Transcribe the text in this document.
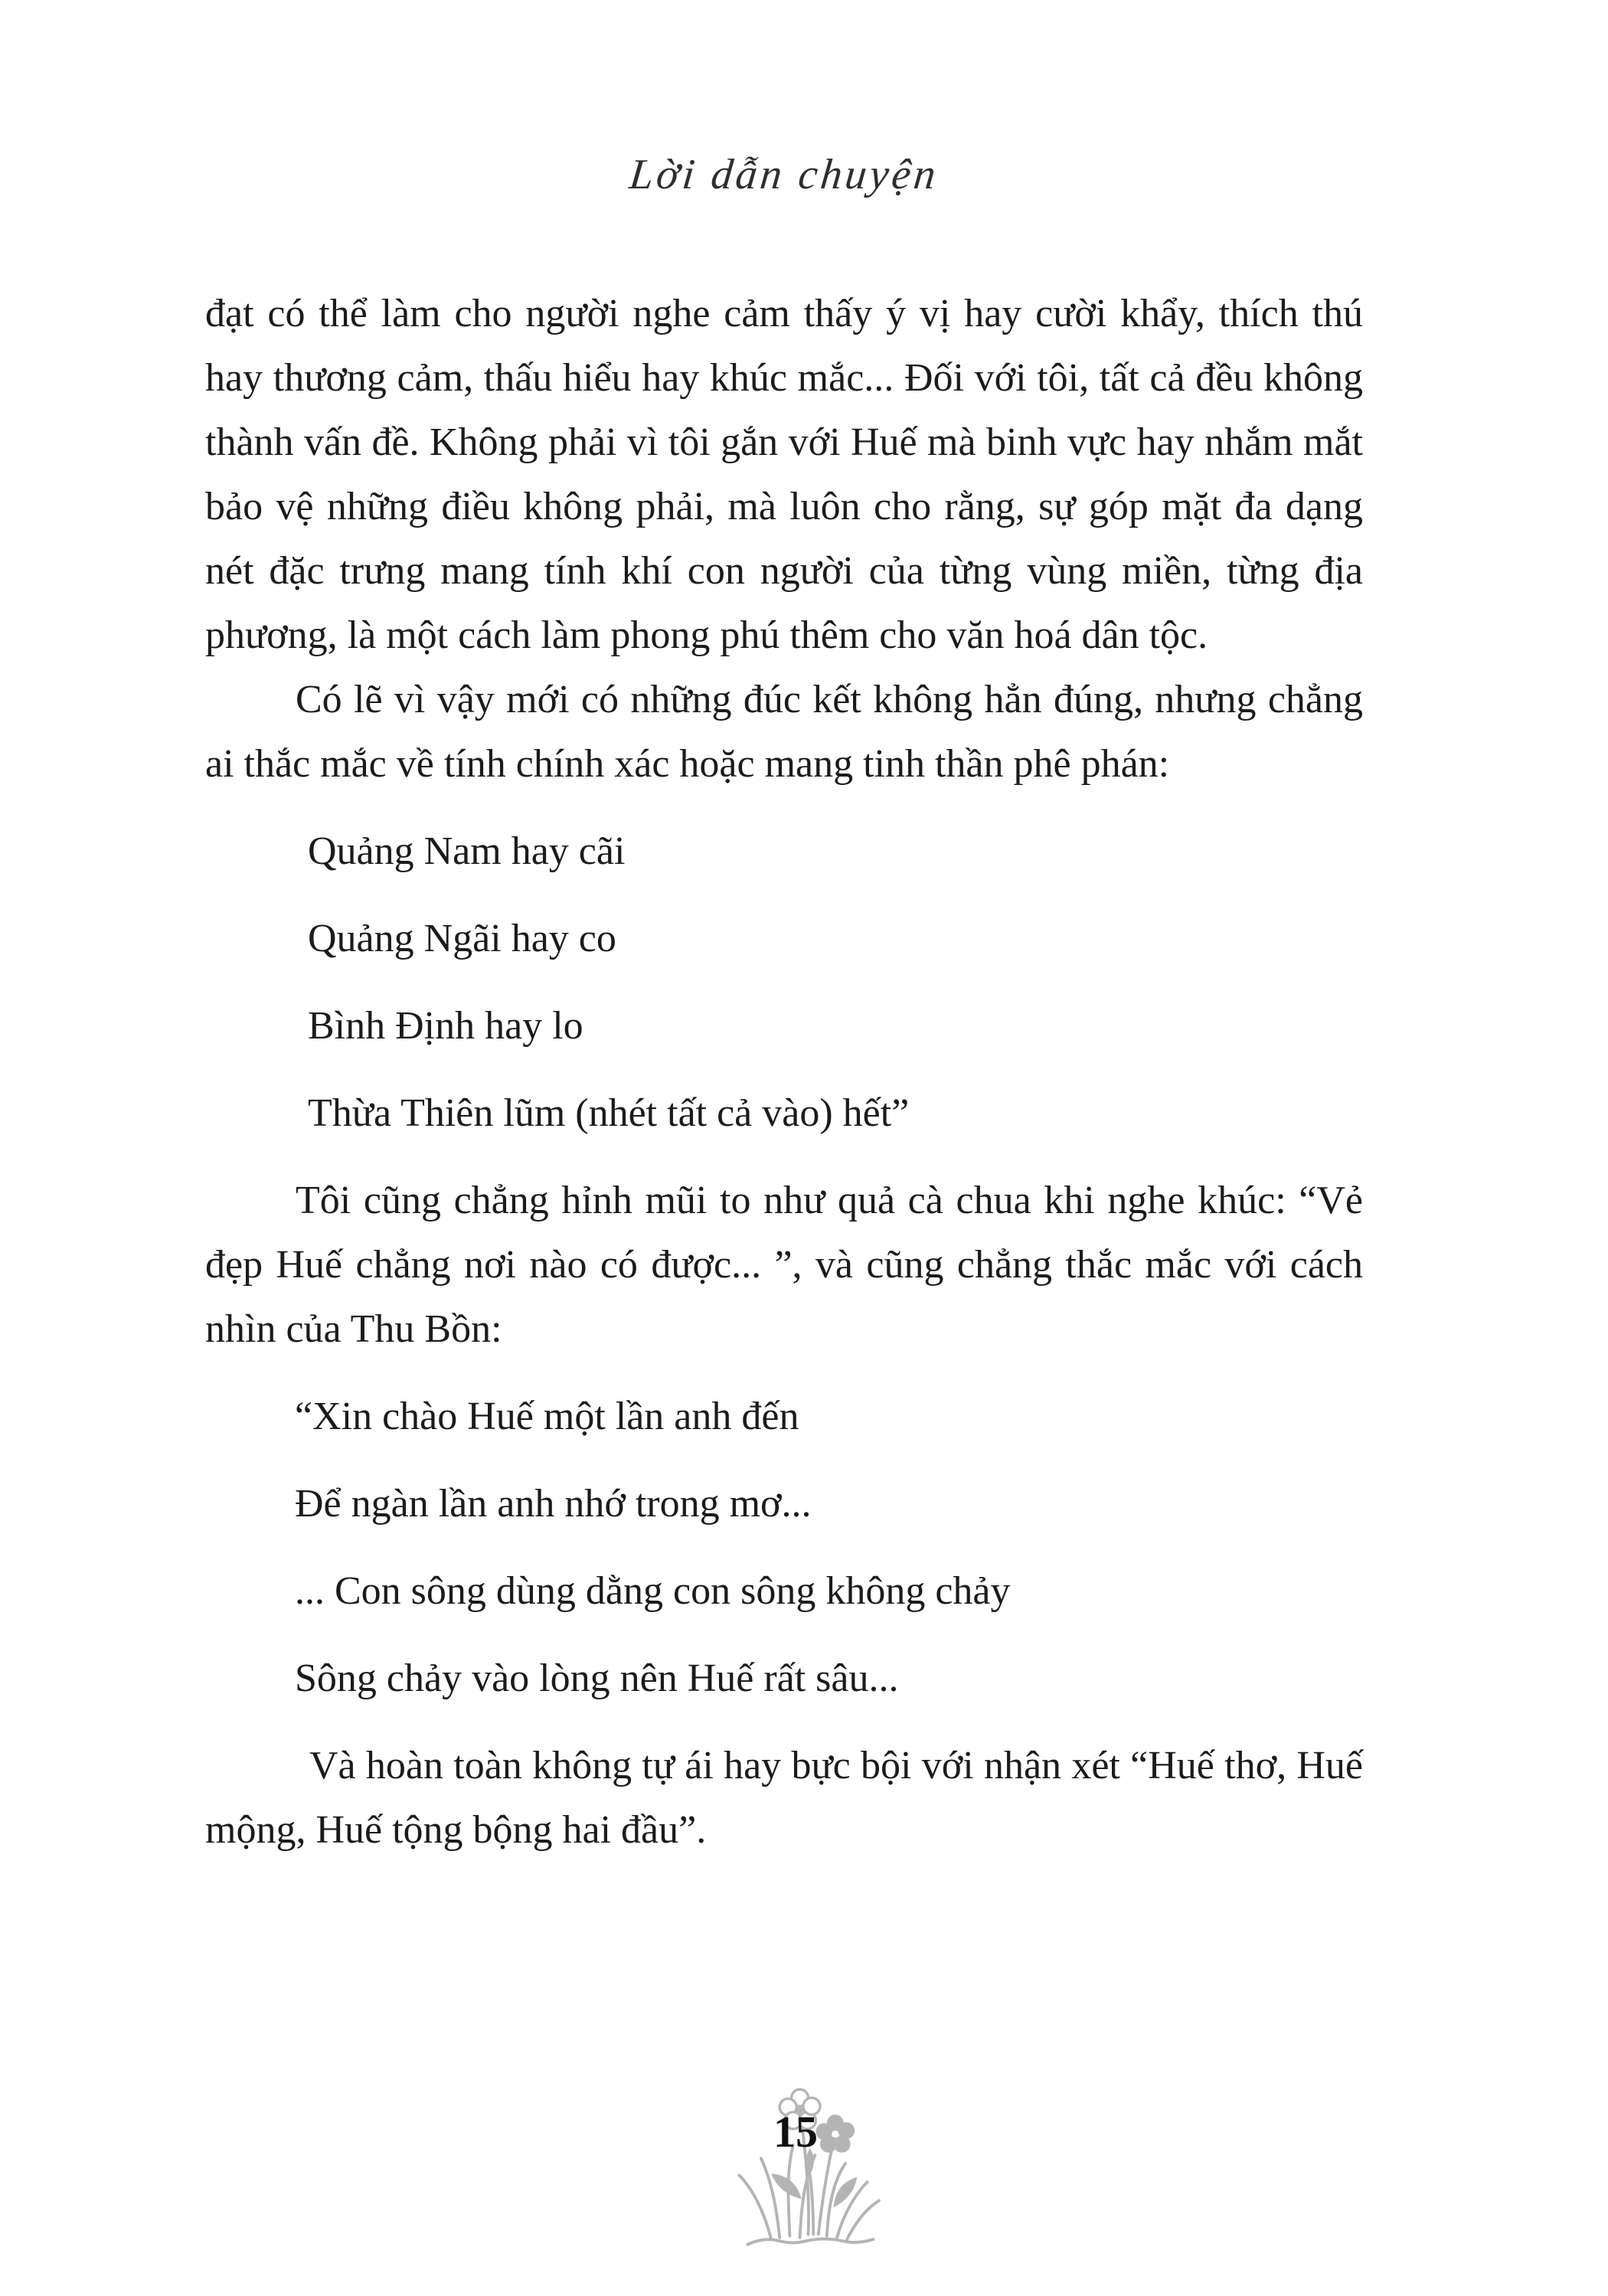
Lời dẫn chuyện

đạt có thể làm cho người nghe cảm thấy ý vị hay cười khẩy, thích thú hay thương cảm, thấu hiểu hay khúc mắc... Đối với tôi, tất cả đều không thành vấn đề. Không phải vì tôi gắn với Huế mà binh vực hay nhắm mắt bảo vệ những điều không phải, mà luôn cho rằng, sự góp mặt đa dạng nét đặc trưng mang tính khí con người của từng vùng miền, từng địa phương, là một cách làm phong phú thêm cho văn hoá dân tộc.

Có lẽ vì vậy mới có những đúc kết không hẳn đúng, nhưng chẳng ai thắc mắc về tính chính xác hoặc mang tinh thần phê phán:

Quảng Nam hay cãi
Quảng Ngãi hay co
Bình Định hay lo
Thừa Thiên lũm (nhét tất cả vào) hết”

Tôi cũng chẳng hỉnh mũi to như quả cà chua khi nghe khúc: “Vẻ đẹp Huế chẳng nơi nào có được... ”, và cũng chẳng thắc mắc với cách nhìn của Thu Bồn:

“Xin chào Huế một lần anh đến
Để ngàn lần anh nhớ trong mơ...
... Con sông dùng dằng con sông không chảy
Sông chảy vào lòng nên Huế rất sâu...

Và hoàn toàn không tự ái hay bực bội với nhận xét “Huế thơ, Huế mộng, Huế tộng bộng hai đầu”.

15
